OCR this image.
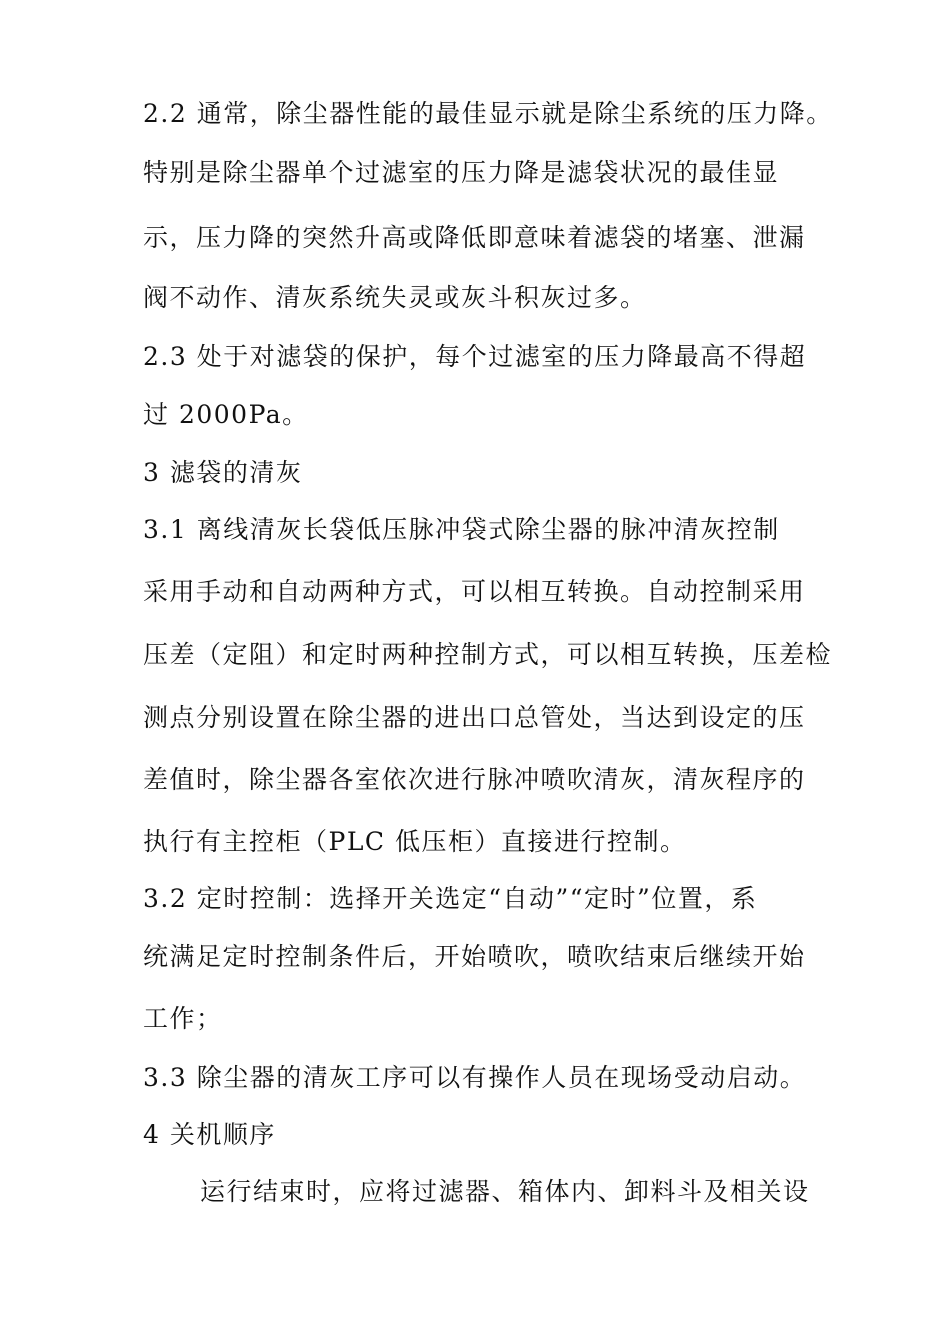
2.2 通常，除尘器性能的最佳显示就是除尘系统的压力降。
特别是除尘器单个过滤室的压力降是滤袋状况的最佳显
示，压力降的突然升高或降低即意味着滤袋的堵塞、泄漏
阀不动作、清灰系统失灵或灰斗积灰过多。
2.3 处于对滤袋的保护，每个过滤室的压力降最高不得超
过 2000Pa。
3 滤袋的清灰
3.1 离线清灰长袋低压脉冲袋式除尘器的脉冲清灰控制
采用手动和自动两种方式，可以相互转换。自动控制采用
压差（定阻）和定时两种控制方式，可以相互转换，压差检
测点分别设置在除尘器的进出口总管处，当达到设定的压
差值时，除尘器各室依次进行脉冲喷吹清灰，清灰程序的
执行有主控柜（PLC 低压柜）直接进行控制。
3.2 定时控制：选择开关选定“自动”“定时”位置，系
统满足定时控制条件后，开始喷吹，喷吹结束后继续开始
工作；
3.3 除尘器的清灰工序可以有操作人员在现场受动启动。
4 关机顺序
运行结束时，应将过滤器、箱体内、卸料斗及相关设
